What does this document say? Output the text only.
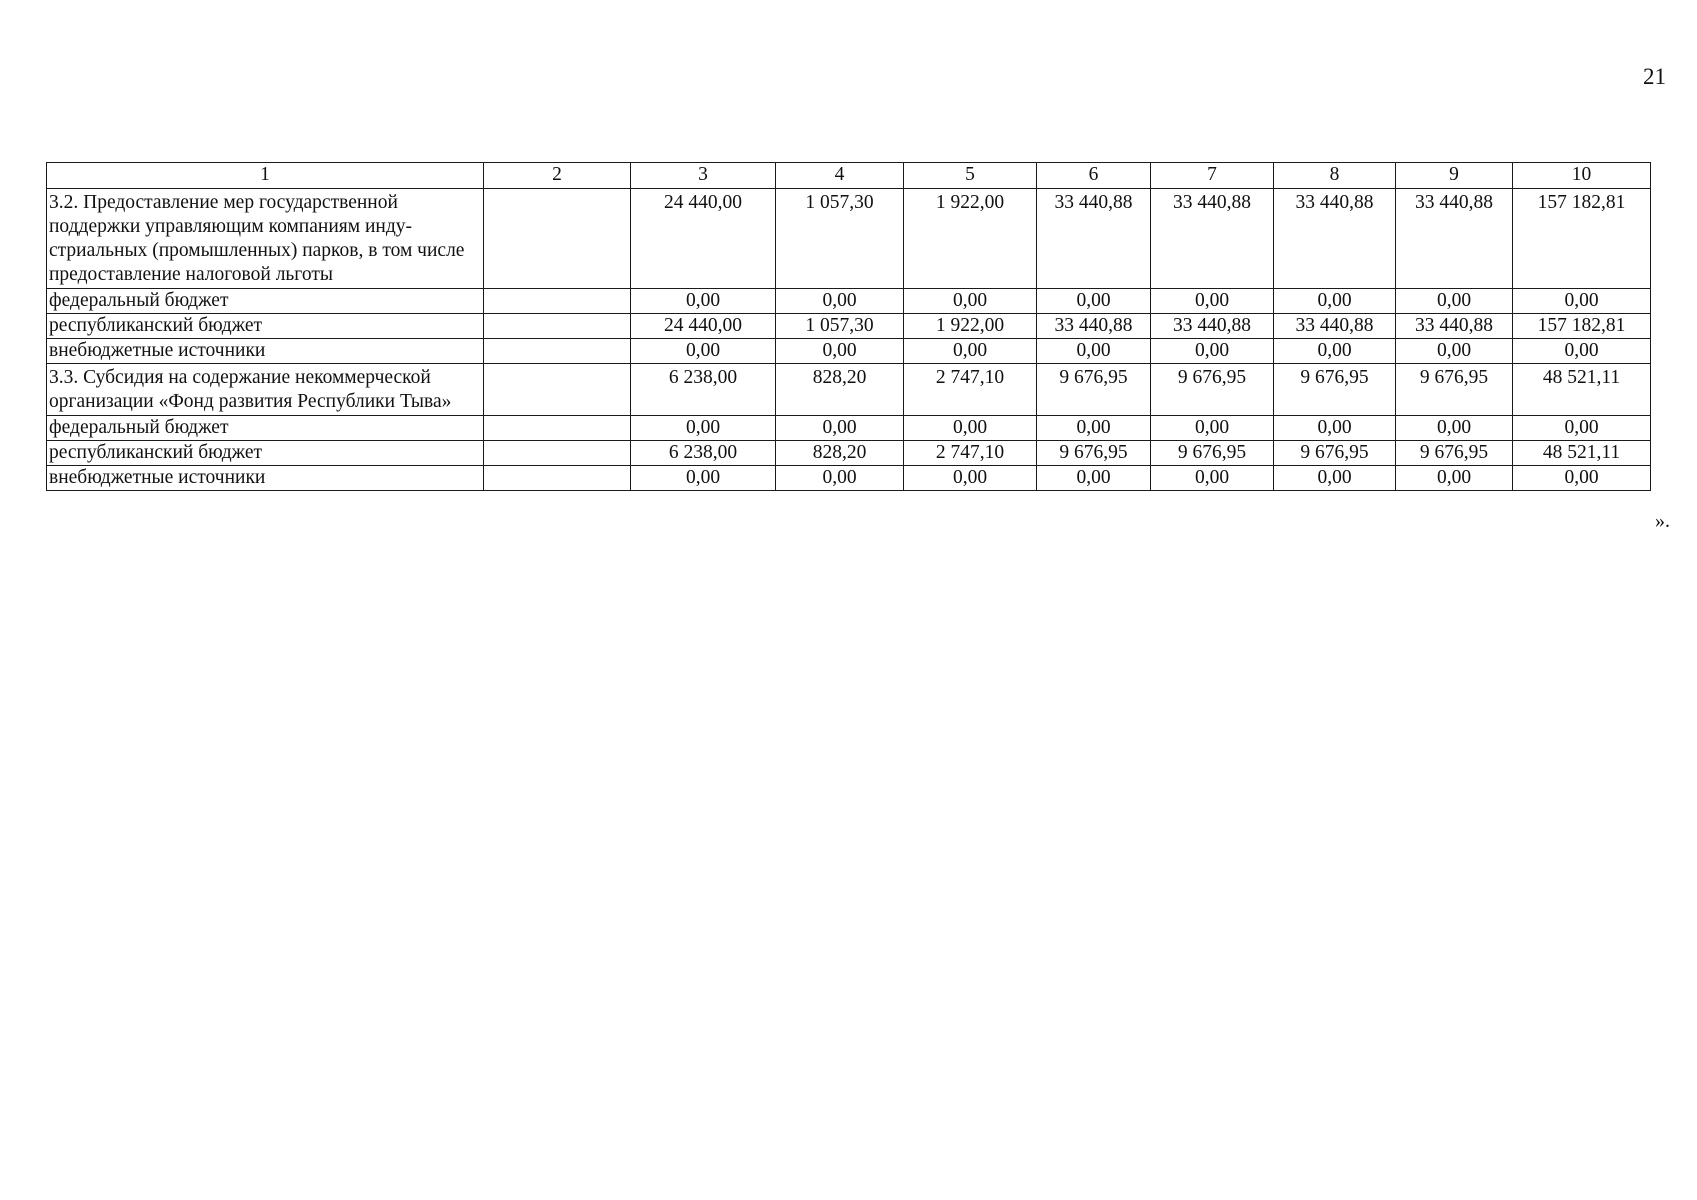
21
1	2	3	4	5	6	7	8	9	10
3.2. Предоставление мер государственной поддержки управляющим компаниям индустриальных (промышленных) парков, в том числе предоставление налоговой льготы		24 440,00	1 057,30	1 922,00	33 440,88	33 440,88	33 440,88	33 440,88	157 182,81
федеральный бюджет		0,00	0,00	0,00	0,00	0,00	0,00	0,00	0,00
республиканский бюджет		24 440,00	1 057,30	1 922,00	33 440,88	33 440,88	33 440,88	33 440,88	157 182,81
внебюджетные источники		0,00	0,00	0,00	0,00	0,00	0,00	0,00	0,00
3.3. Субсидия на содержание некоммерческой организации «Фонд развития Республики Тыва»		6 238,00	828,20	2 747,10	9 676,95	9 676,95	9 676,95	9 676,95	48 521,11
федеральный бюджет		0,00	0,00	0,00	0,00	0,00	0,00	0,00	0,00
республиканский бюджет		6 238,00	828,20	2 747,10	9 676,95	9 676,95	9 676,95	9 676,95	48 521,11
внебюджетные источники		0,00	0,00	0,00	0,00	0,00	0,00	0,00	0,00
».
